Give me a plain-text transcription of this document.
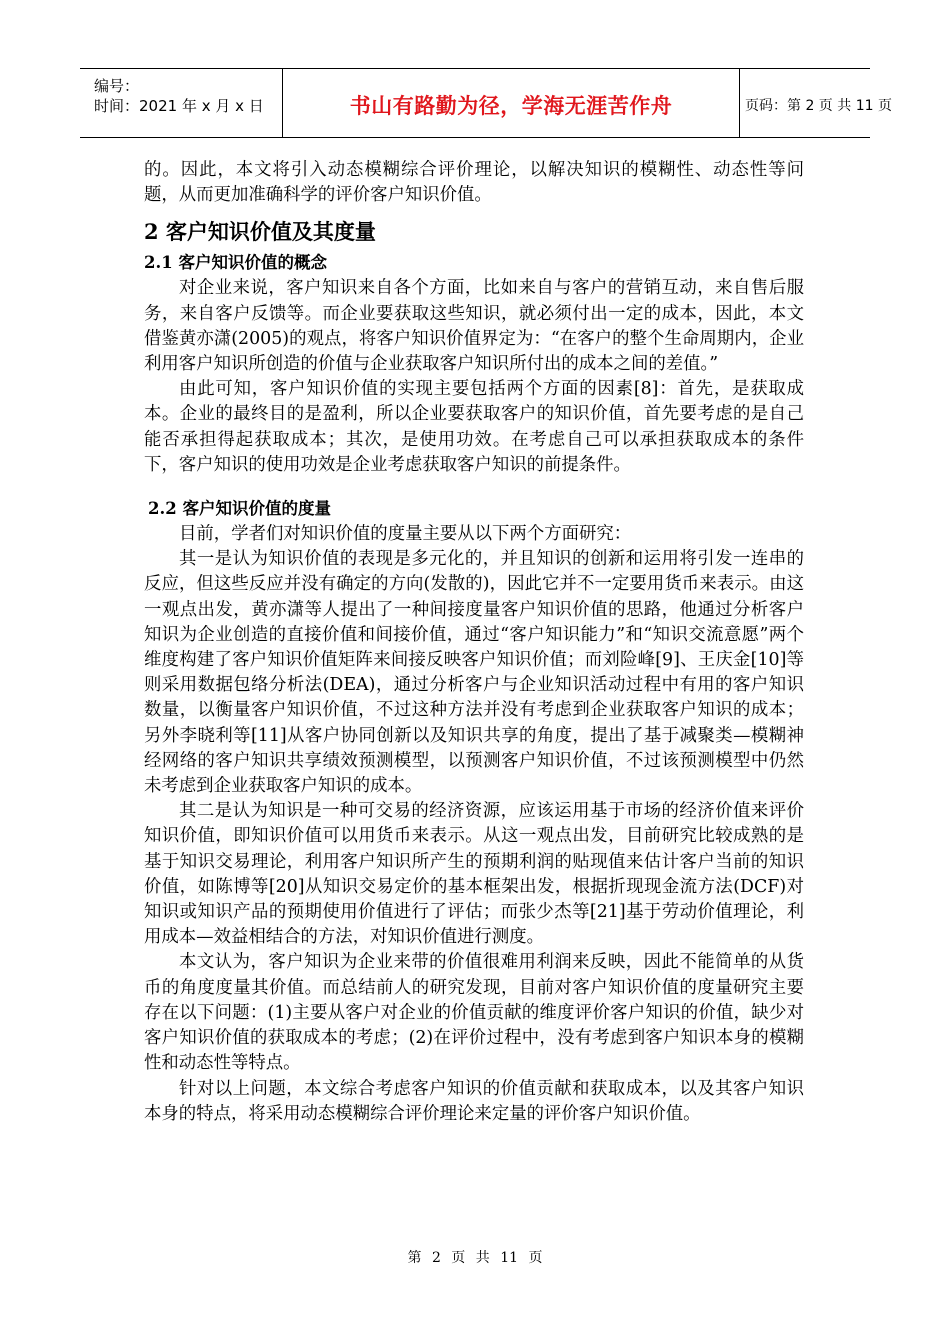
编号：
时间：2021 年 x 月 x 日	书山有路勤为径，学海无涯苦作舟	页码：第 2 页 共 11 页

的。因此，本文将引入动态模糊综合评价理论，以解决知识的模糊性、动态性等问题，从而更加准确科学的评价客户知识价值。

2 客户知识价值及其度量
2.1 客户知识价值的概念

对企业来说，客户知识来自各个方面，比如来自与客户的营销互动，来自售后服务，来自客户反馈等。而企业要获取这些知识，就必须付出一定的成本，因此，本文借鉴黄亦潇(2005)的观点，将客户知识价值界定为：“在客户的整个生命周期内，企业利用客户知识所创造的价值与企业获取客户知识所付出的成本之间的差值。”

由此可知，客户知识价值的实现主要包括两个方面的因素[8]：首先，是获取成本。企业的最终目的是盈利，所以企业要获取客户的知识价值，首先要考虑的是自己能否承担得起获取成本；其次，是使用功效。在考虑自己可以承担获取成本的条件下，客户知识的使用功效是企业考虑获取客户知识的前提条件。

2.2 客户知识价值的度量

目前，学者们对知识价值的度量主要从以下两个方面研究：

其一是认为知识价值的表现是多元化的，并且知识的创新和运用将引发一连串的反应，但这些反应并没有确定的方向(发散的)，因此它并不一定要用货币来表示。由这一观点出发，黄亦潇等人提出了一种间接度量客户知识价值的思路，他通过分析客户知识为企业创造的直接价值和间接价值，通过“客户知识能力”和“知识交流意愿”两个维度构建了客户知识价值矩阵来间接反映客户知识价值；而刘险峰[9]、王庆金[10]等则采用数据包络分析法(DEA)，通过分析客户与企业知识活动过程中有用的客户知识数量，以衡量客户知识价值，不过这种方法并没有考虑到企业获取客户知识的成本；另外李晓利等[11]从客户协同创新以及知识共享的角度，提出了基于减聚类—模糊神经网络的客户知识共享绩效预测模型，以预测客户知识价值，不过该预测模型中仍然未考虑到企业获取客户知识的成本。

其二是认为知识是一种可交易的经济资源，应该运用基于市场的经济价值来评价知识价值，即知识价值可以用货币来表示。从这一观点出发，目前研究比较成熟的是基于知识交易理论，利用客户知识所产生的预期利润的贴现值来估计客户当前的知识价值，如陈博等[20]从知识交易定价的基本框架出发，根据折现现金流方法(DCF)对知识或知识产品的预期使用价值进行了评估；而张少杰等[21]基于劳动价值理论，利用成本—效益相结合的方法，对知识价值进行测度。

本文认为，客户知识为企业来带的价值很难用利润来反映，因此不能简单的从货币的角度度量其价值。而总结前人的研究发现，目前对客户知识价值的度量研究主要存在以下问题：(1)主要从客户对企业的价值贡献的维度评价客户知识的价值，缺少对客户知识价值的获取成本的考虑；(2)在评价过程中，没有考虑到客户知识本身的模糊性和动态性等特点。

针对以上问题，本文综合考虑客户知识的价值贡献和获取成本，以及其客户知识本身的特点，将采用动态模糊综合评价理论来定量的评价客户知识价值。

第 2 页 共 11 页
